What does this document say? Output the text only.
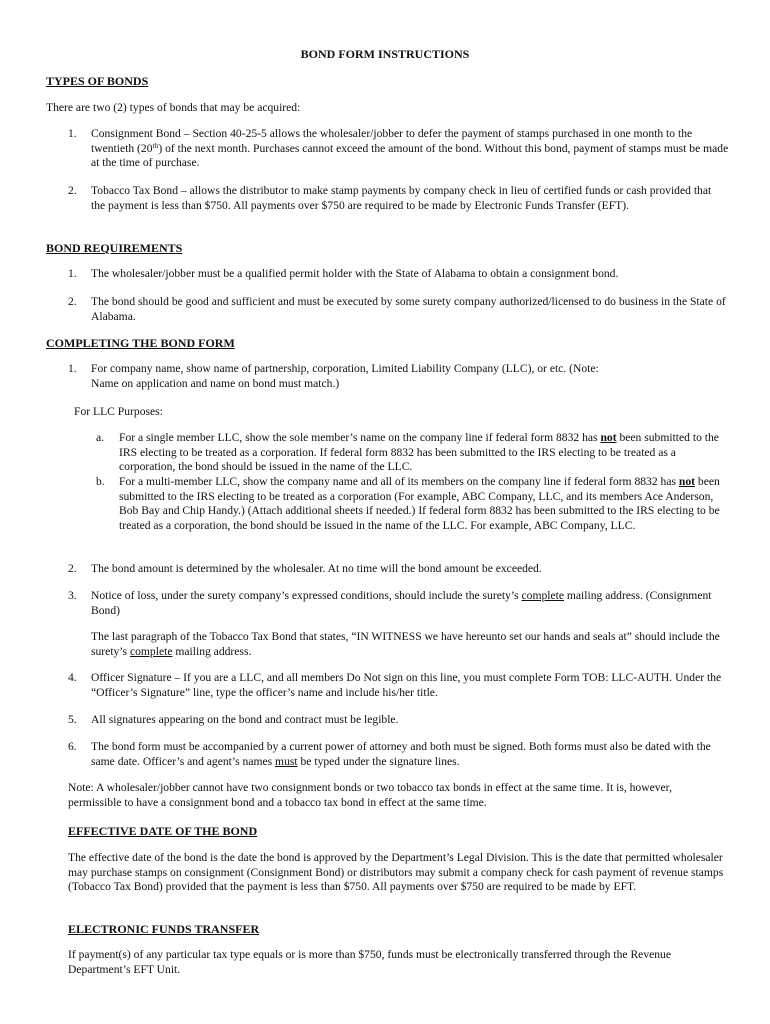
BOND FORM INSTRUCTIONS
TYPES OF BONDS
There are two (2) types of bonds that may be acquired:
1. Consignment Bond – Section 40-25-5 allows the wholesaler/jobber to defer the payment of stamps purchased in one month to the twentieth (20th) of the next month. Purchases cannot exceed the amount of the bond. Without this bond, payment of stamps must be made at the time of purchase.
2. Tobacco Tax Bond – allows the distributor to make stamp payments by company check in lieu of certified funds or cash provided that the payment is less than $750. All payments over $750 are required to be made by Electronic Funds Transfer (EFT).
BOND REQUIREMENTS
1. The wholesaler/jobber must be a qualified permit holder with the State of Alabama to obtain a consignment bond.
2. The bond should be good and sufficient and must be executed by some surety company authorized/licensed to do business in the State of Alabama.
COMPLETING THE BOND FORM
1. For company name, show name of partnership, corporation, Limited Liability Company (LLC), or etc. (Note: Name on application and name on bond must match.)
For LLC Purposes:
a. For a single member LLC, show the sole member’s name on the company line if federal form 8832 has not been submitted to the IRS electing to be treated as a corporation. If federal form 8832 has been submitted to the IRS electing to be treated as a corporation, the bond should be issued in the name of the LLC.
b. For a multi-member LLC, show the company name and all of its members on the company line if federal form 8832 has not been submitted to the IRS electing to be treated as a corporation (For example, ABC Company, LLC, and its members Ace Anderson, Bob Bay and Chip Handy.) (Attach additional sheets if needed.) If federal form 8832 has been submitted to the IRS electing to be treated as a corporation, the bond should be issued in the name of the LLC. For example, ABC Company, LLC.
2. The bond amount is determined by the wholesaler. At no time will the bond amount be exceeded.
3. Notice of loss, under the surety company’s expressed conditions, should include the surety’s complete mailing address. (Consignment Bond)
The last paragraph of the Tobacco Tax Bond that states, “IN WITNESS we have hereunto set our hands and seals at” should include the surety’s complete mailing address.
4. Officer Signature – If you are a LLC, and all members Do Not sign on this line, you must complete Form TOB: LLC-AUTH. Under the “Officer’s Signature” line, type the officer’s name and include his/her title.
5. All signatures appearing on the bond and contract must be legible.
6. The bond form must be accompanied by a current power of attorney and both must be signed. Both forms must also be dated with the same date. Officer’s and agent’s names must be typed under the signature lines.
Note: A wholesaler/jobber cannot have two consignment bonds or two tobacco tax bonds in effect at the same time. It is, however, permissible to have a consignment bond and a tobacco tax bond in effect at the same time.
EFFECTIVE DATE OF THE BOND
The effective date of the bond is the date the bond is approved by the Department’s Legal Division. This is the date that permitted wholesaler may purchase stamps on consignment (Consignment Bond) or distributors may submit a company check for cash payment of revenue stamps (Tobacco Tax Bond) provided that the payment is less than $750. All payments over $750 are required to be made by EFT.
ELECTRONIC FUNDS TRANSFER
If payment(s) of any particular tax type equals or is more than $750, funds must be electronically transferred through the Revenue Department’s EFT Unit.
